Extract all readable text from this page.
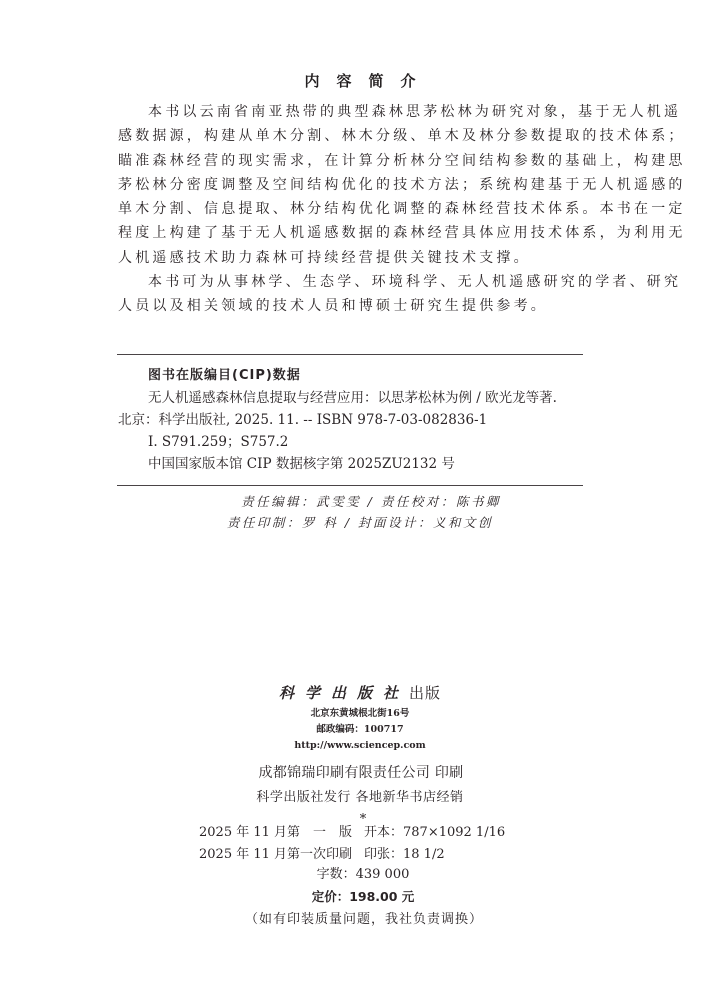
内容简介
本书以云南省南亚热带的典型森林思茅松林为研究对象，基于无人机遥
感数据源，构建从单木分割、林木分级、单木及林分参数提取的技术体系；
瞄准森林经营的现实需求，在计算分析林分空间结构参数的基础上，构建思
茅松林分密度调整及空间结构优化的技术方法；系统构建基于无人机遥感的
单木分割、信息提取、林分结构优化调整的森林经营技术体系。本书在一定
程度上构建了基于无人机遥感数据的森林经营具体应用技术体系，为利用无
人机遥感技术助力森林可持续经营提供关键技术支撑。
本书可为从事林学、生态学、环境科学、无人机遥感研究的学者、研究
人员以及相关领域的技术人员和博硕士研究生提供参考。
图书在版编目(CIP)数据
无人机遥感森林信息提取与经营应用：以思茅松林为例 / 欧光龙等著.
北京：科学出版社, 2025. 11. -- ISBN 978-7-03-082836-1
Ⅰ. S791.259；S757.2
中国国家版本馆 CIP 数据核字第 2025ZU2132 号
责任编辑：武雯雯 / 责任校对：陈书卿
责任印制：罗 科 / 封面设计：义和文创
科学出版社出版
北京东黄城根北街16号
邮政编码：100717
http://www.sciencep.com
成都锦瑞印刷有限责任公司 印刷
科学出版社发行 各地新华书店经销
*
2025 年 11 月第　一　版 开本：787×1092 1/16
2025 年 11 月第一次印刷 印张：18 1/2
字数：439 000
定价：198.00 元
（如有印装质量问题，我社负责调换）
